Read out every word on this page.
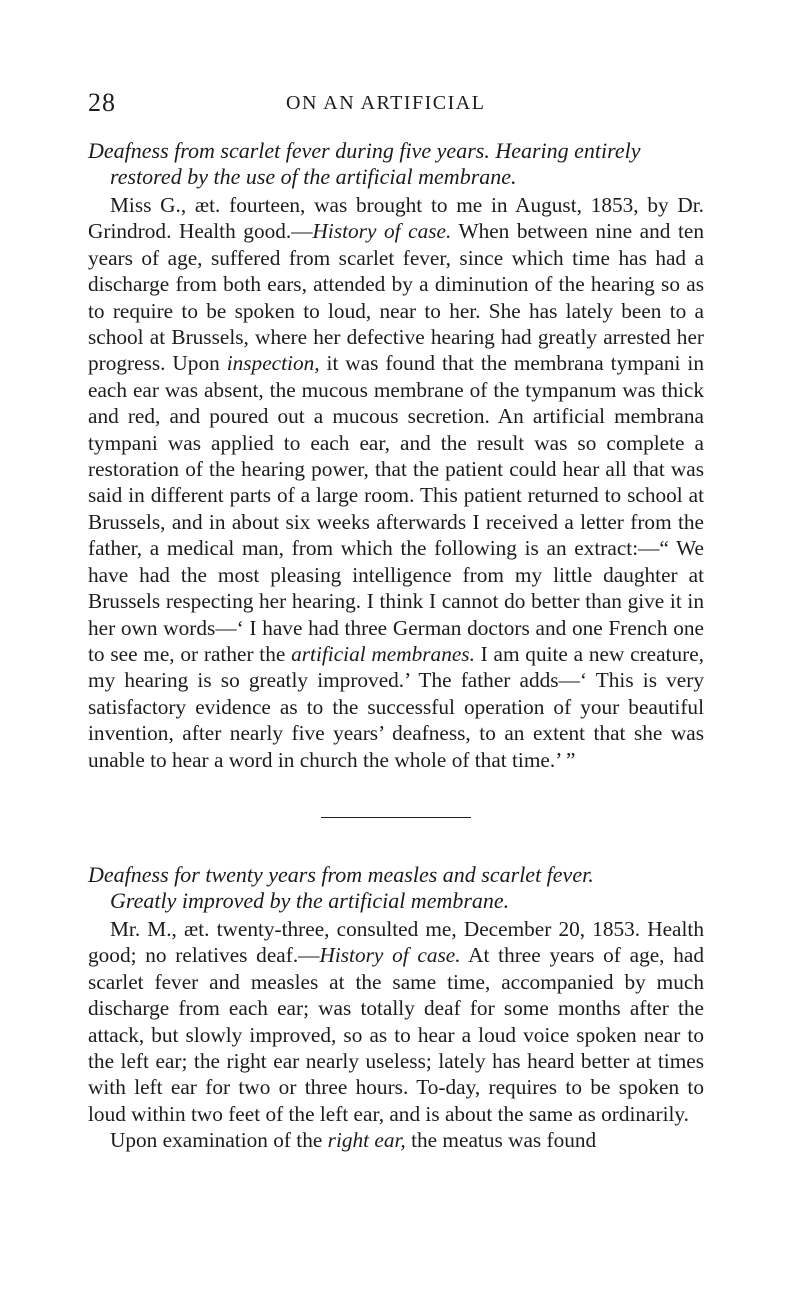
28	ON AN ARTIFICIAL
Deafness from scarlet fever during five years. Hearing entirely
restored by the use of the artificial membrane.

Miss G., æt. fourteen, was brought to me in August, 1853, by Dr. Grindrod. Health good.—History of case. When between nine and ten years of age, suffered from scarlet fever, since which time has had a discharge from both ears, attended by a diminution of the hearing so as to require to be spoken to loud, near to her. She has lately been to a school at Brussels, where her defective hearing had greatly arrested her progress. Upon inspection, it was found that the membrana tympani in each ear was absent, the mucous membrane of the tympanum was thick and red, and poured out a mucous secretion. An artificial membrana tympani was applied to each ear, and the result was so complete a restoration of the hearing power, that the patient could hear all that was said in different parts of a large room. This patient returned to school at Brussels, and in about six weeks afterwards I received a letter from the father, a medical man, from which the following is an extract:—“ We have had the most pleasing intelligence from my little daughter at Brussels respecting her hearing. I think I cannot do better than give it in her own words—‘ I have had three German doctors and one French one to see me, or rather the artificial membranes. I am quite a new creature, my hearing is so greatly improved.’ The father adds—‘ This is very satisfactory evidence as to the successful operation of your beautiful invention, after nearly five years’ deafness, to an extent that she was unable to hear a word in church the whole of that time.’ ”

Deafness for twenty years from measles and scarlet fever.
Greatly improved by the artificial membrane.

Mr. M., æt. twenty-three, consulted me, December 20, 1853. Health good; no relatives deaf.—History of case. At three years of age, had scarlet fever and measles at the same time, accompanied by much discharge from each ear; was totally deaf for some months after the attack, but slowly improved, so as to hear a loud voice spoken near to the left ear; the right ear nearly useless; lately has heard better at times with left ear for two or three hours. To-day, requires to be spoken to loud within two feet of the left ear, and is about the same as ordinarily.

Upon examination of the right ear, the meatus was found
